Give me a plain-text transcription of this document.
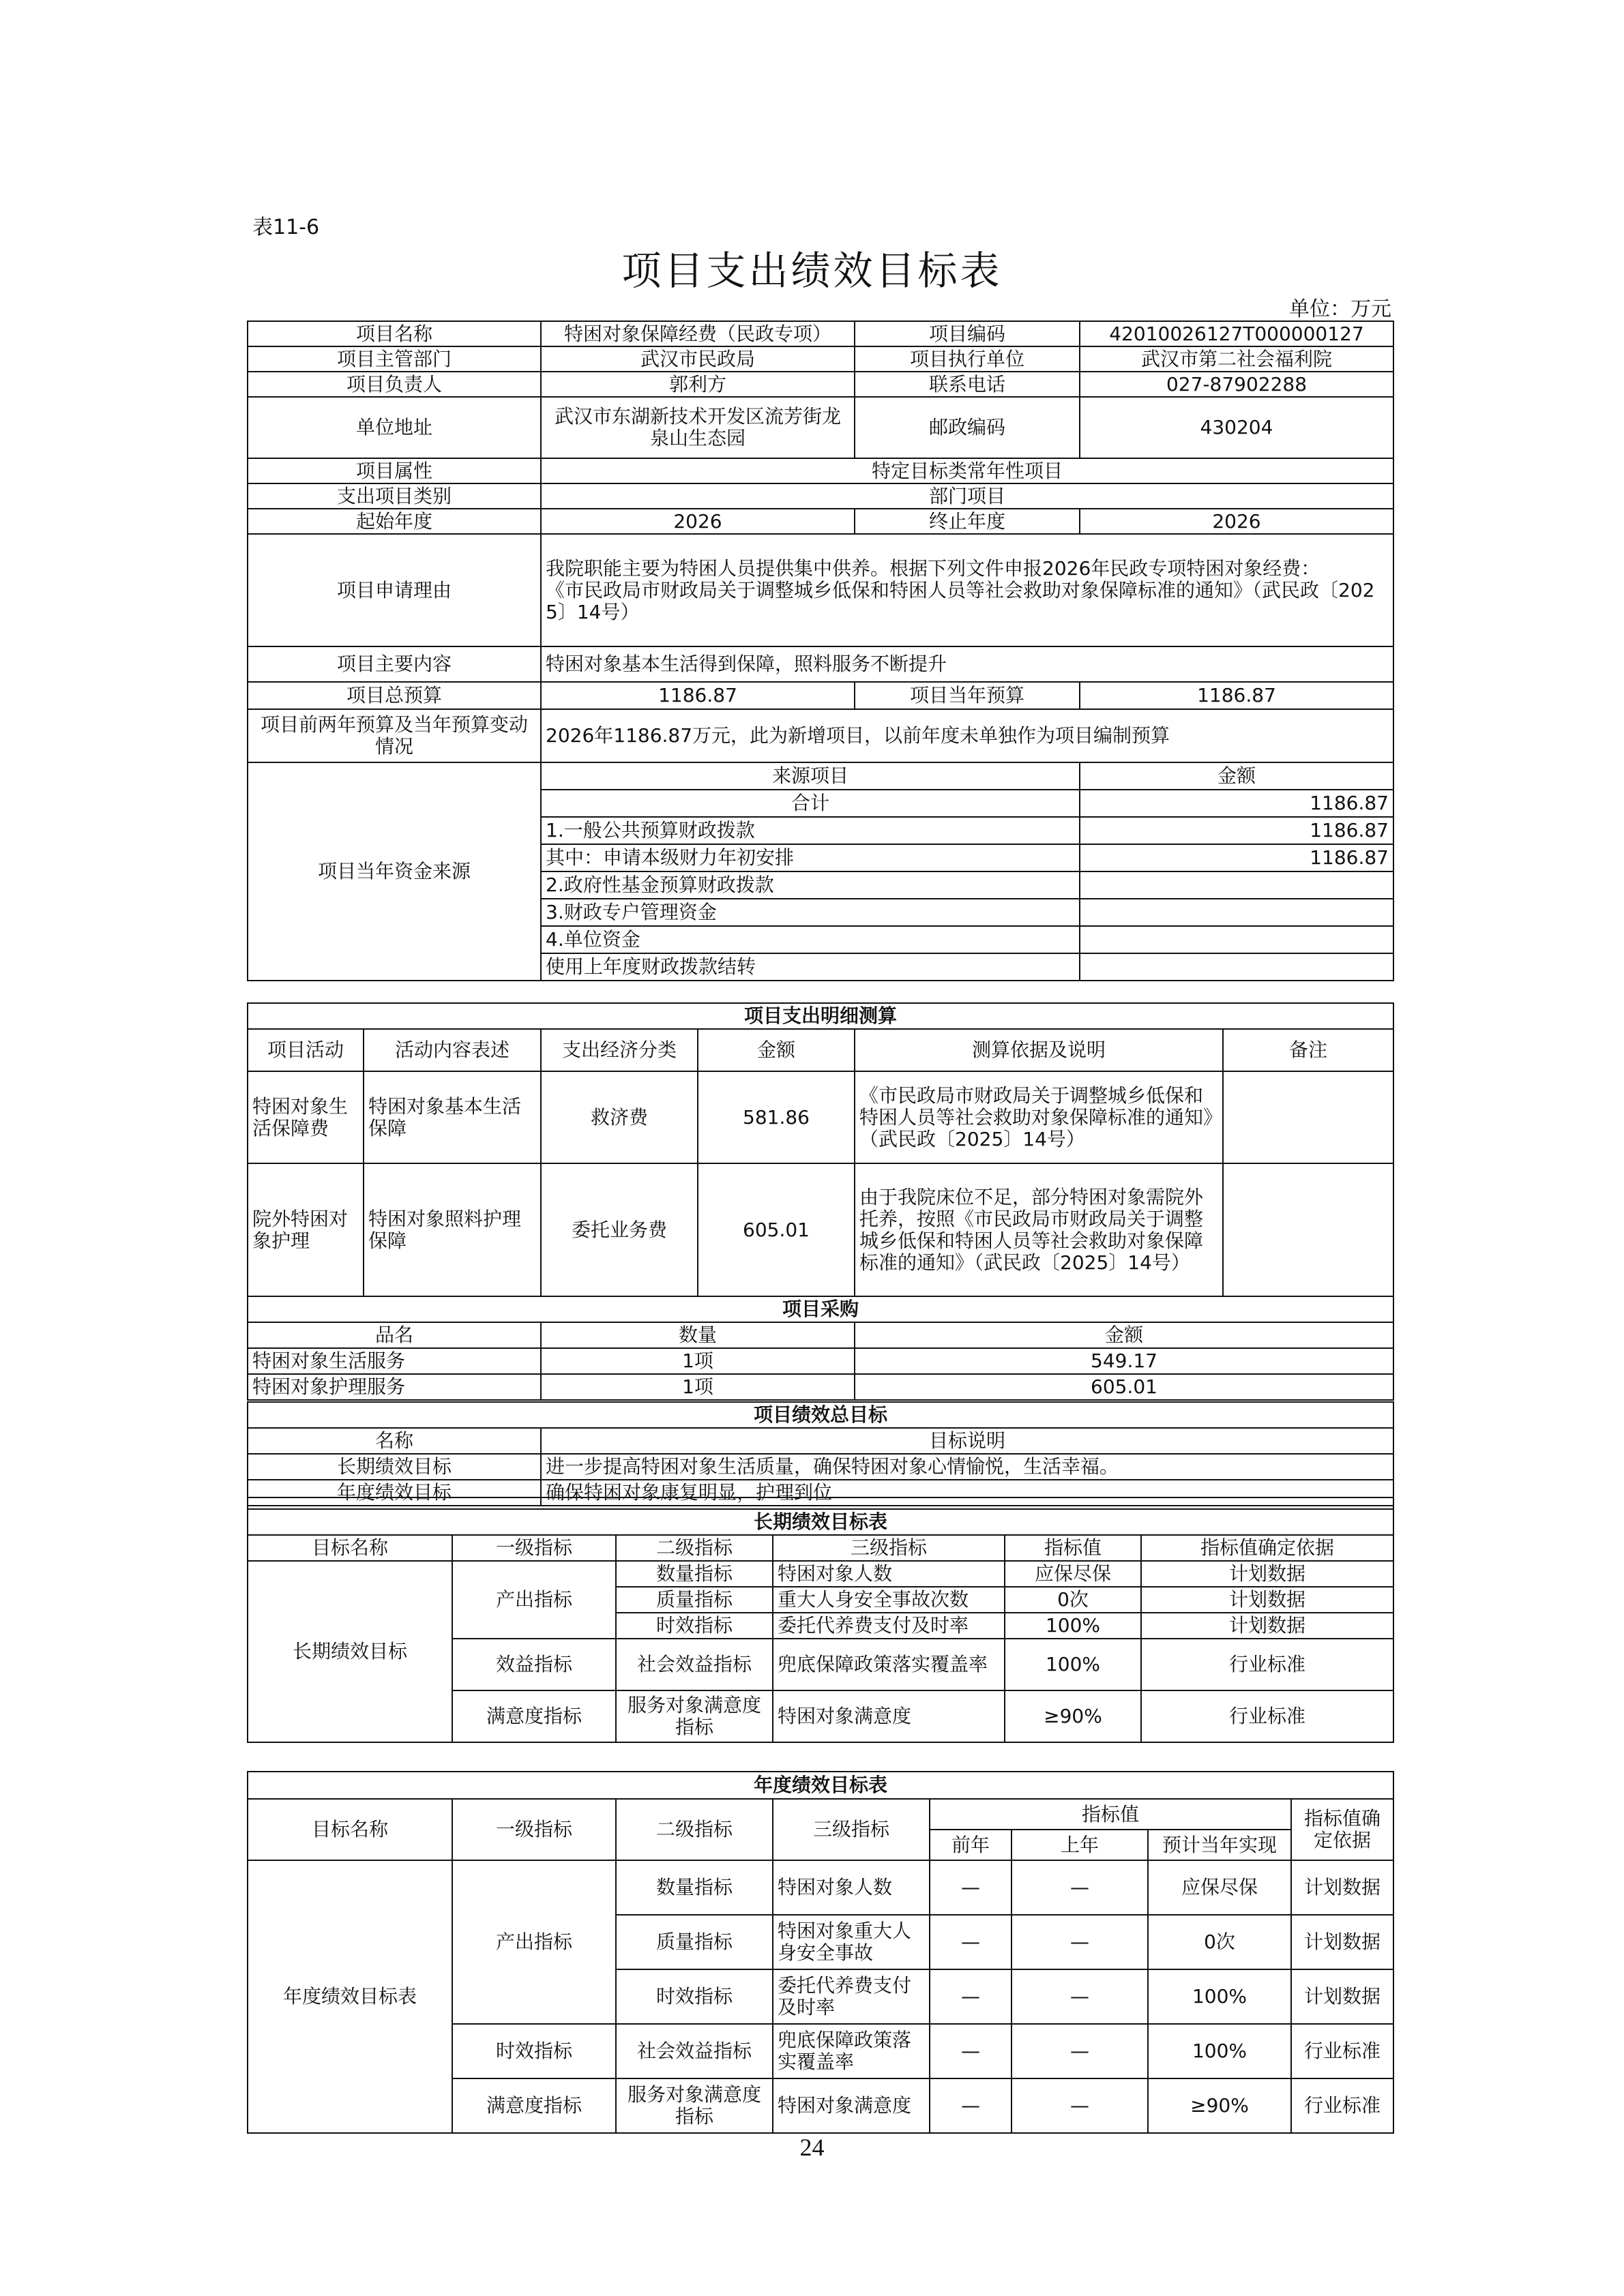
表11-6
项目支出绩效目标表
单位：万元
项目名称	特困对象保障经费（民政专项）	项目编码	42010026127T000000127
项目主管部门	武汉市民政局	项目执行单位	武汉市第二社会福利院
项目负责人	郭利方	联系电话	027-87902288
单位地址	武汉市东湖新技术开发区流芳街龙泉山生态园	邮政编码	430204
项目属性	特定目标类常年性项目		
支出项目类别	部门项目		
起始年度	2026	终止年度	2026
项目申请理由	我院职能主要为特困人员提供集中供养。根据下列文件申报2026年民政专项特困对象经费：
《市民政局市财政局关于调整城乡低保和特困人员等社会救助对象保障标准的通知》（武民政〔2025〕14号）		
项目主要内容	特困对象基本生活得到保障，照料服务不断提升		
项目总预算	1186.87	项目当年预算	1186.87
项目前两年预算及当年预算变动情况	2026年1186.87万元，此为新增项目，以前年度未单独作为项目编制预算		
项目当年资金来源	来源项目		金额
	合计		1186.87
	1.一般公共预算财政拨款		1186.87
	其中：申请本级财力年初安排		1186.87
	2.政府性基金预算财政拨款		
	3.财政专户管理资金		
	4.单位资金		
	使用上年度财政拨款结转		
项目支出明细测算					
项目活动	活动内容表述	支出经济分类	金额	测算依据及说明	备注
特困对象生活保障费	特困对象基本生活保障	救济费	581.86	《市民政局市财政局关于调整城乡低保和特困人员等社会救助对象保障标准的通知》（武民政〔2025〕14号）	
院外特困对象护理	特困对象照料护理保障	委托业务费	605.01	由于我院床位不足，部分特困对象需院外托养，按照《市民政局市财政局关于调整城乡低保和特困人员等社会救助对象保障标准的通知》（武民政〔2025〕14号）	
项目采购		
品名	数量	金额
特困对象生活服务	1项	549.17
特困对象护理服务	1项	605.01
项目绩效总目标	
名称	目标说明
长期绩效目标	进一步提高特困对象生活质量，确保特困对象心情愉悦，生活幸福。
年度绩效目标	确保特困对象康复明显，护理到位
长期绩效目标表					
目标名称	一级指标	二级指标	三级指标	指标值	指标值确定依据
长期绩效目标	产出指标	数量指标	特困对象人数	应保尽保	计划数据
		质量指标	重大人身安全事故次数	0次	计划数据
		时效指标	委托代养费支付及时率	100%	计划数据
	效益指标	社会效益指标	兜底保障政策落实覆盖率	100%	行业标准
	满意度指标	服务对象满意度指标	特困对象满意度	≥90%	行业标准
年度绩效目标表							
目标名称	一级指标	二级指标	三级指标	指标值			指标值确定依据
				前年	上年	预计当年实现	
年度绩效目标表	产出指标	数量指标	特困对象人数	—	—	应保尽保	计划数据
		质量指标	特困对象重大人身安全事故	—	—	0次	计划数据
		时效指标	委托代养费支付及时率	—	—	100%	计划数据
	时效指标	社会效益指标	兜底保障政策落实覆盖率	—	—	100%	行业标准
	满意度指标	服务对象满意度指标	特困对象满意度	—	—	≥90%	行业标准
24
